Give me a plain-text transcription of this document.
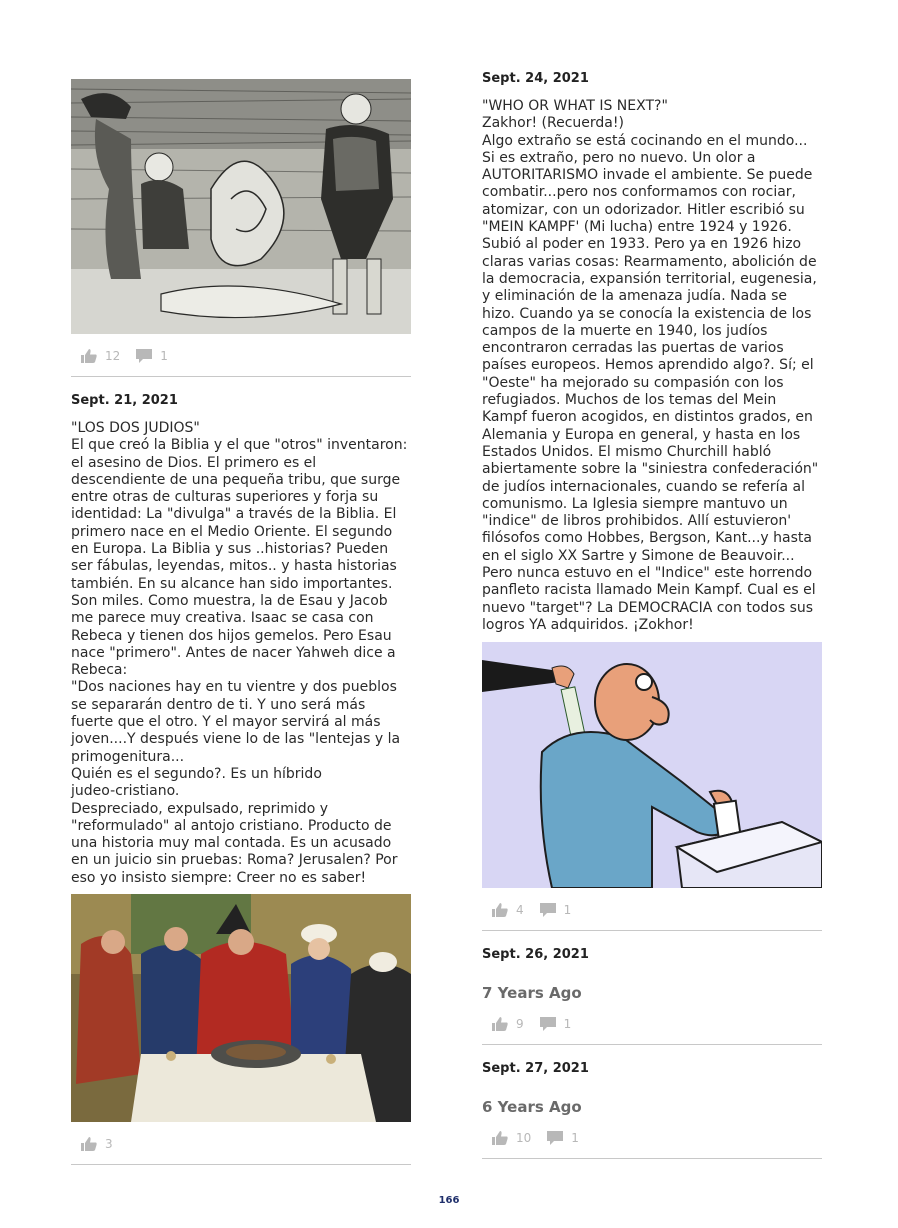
12	1
Sept. 21, 2021
"LOS DOS JUDIOS"
El que creó la Biblia y el que "otros" inventaron: el asesino de Dios. El primero es el descendiente de una pequeña tribu, que surge entre otras de culturas superiores y forja su identidad: La "divulga" a través de la Biblia. El primero nace en el Medio Oriente. El segundo en Europa. La Biblia y sus ..historias? Pueden ser fábulas, leyendas, mitos.. y hasta historias también. En su alcance han sido importantes. Son miles. Como muestra, la de Esau y Jacob me parece muy creativa. Isaac se casa con Rebeca y tienen dos hijos gemelos. Pero Esau nace "primero". Antes de nacer Yahweh dice a Rebeca:
"Dos naciones hay en tu vientre y dos pueblos se separarán dentro de ti. Y uno será más fuerte que el otro. Y el mayor servirá al más joven....Y después viene lo de las "lentejas y la primogenitura...
Quién es el segundo?. Es un híbrido
judeo-cristiano.
Despreciado, expulsado, reprimido y "reformulado" al antojo cristiano. Producto de una historia muy mal contada. Es un acusado en un juicio sin pruebas: Roma? Jerusalen? Por eso yo insisto siempre: Creer no es saber!
3
Sept. 24, 2021
"WHO OR WHAT IS NEXT?"
Zakhor! (Recuerda!)
Algo extraño se está cocinando en el mundo... Si es extraño, pero no nuevo. Un olor a AUTORITARISMO invade el ambiente. Se puede combatir...pero nos conformamos con rociar, atomizar, con un odorizador. Hitler escribió su "MEIN KAMPF' (Mi lucha) entre 1924 y 1926. Subió al poder en 1933. Pero ya en 1926 hizo claras varias cosas: Rearmamento, abolición de la democracia, expansión territorial, eugenesia, y eliminación de la amenaza judía. Nada se hizo. Cuando ya se conocía la existencia de los campos de la muerte en 1940, los judíos encontraron cerradas las puertas de varios países europeos. Hemos aprendido algo?. Sí; el "Oeste" ha mejorado su compasión con los refugiados. Muchos de los temas del Mein Kampf fueron acogidos, en distintos grados, en Alemania y Europa en general, y hasta en los Estados Unidos. El mismo Churchill habló abiertamente sobre la "siniestra confederación" de judíos internacionales, cuando se refería al comunismo. La Iglesia siempre mantuvo un "indice" de libros prohibidos. Allí estuvieron' filósofos como Hobbes, Bergson, Kant...y hasta en el siglo XX Sartre y Simone de Beauvoir...
Pero nunca estuvo en el "Indice" este horrendo panfleto racista llamado Mein Kampf. Cual es el nuevo "target"? La DEMOCRACIA con todos sus logros YA adquiridos. ¡Zokhor!
4	1
Sept. 26, 2021
7 Years Ago
9	1
Sept. 27, 2021
6 Years Ago
10	1
166
